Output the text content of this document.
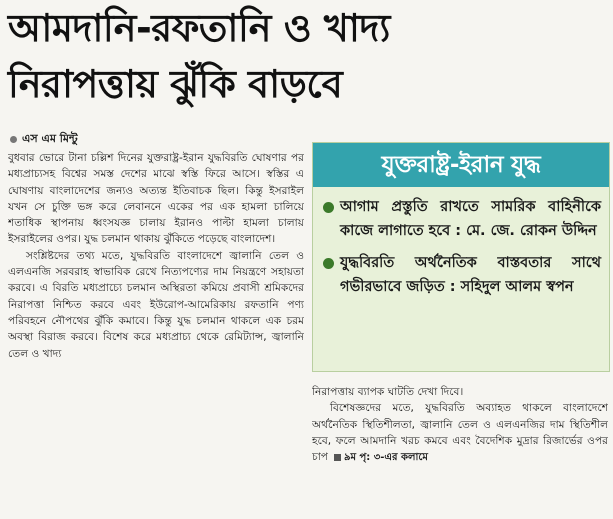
আমদানি-রফতানি ও খাদ্য
নিরাপত্তায় ঝুঁকি বাড়বে
এস এম মিন্টু

বুধবার ভোরে টানা চল্লিশ দিনের যুক্তরাষ্ট্র-ইরান যুদ্ধবিরতি ঘোষণার পর মধ্যপ্রাচ্যসহ বিশ্বের সমস্ত দেশের মাঝে স্বস্তি ফিরে আসে। স্বস্তির এ ঘোষণায় বাংলাদেশের জন্যও অত্যন্ত ইতিবাচক ছিল। কিন্তু ইসরাইল যখন সে চুক্তি ভঙ্গ করে লেবাননে একের পর এক হামলা চালিয়ে শতাধিক স্থাপনায় ধ্বংসযজ্ঞ চালায় ইরানও পাল্টা হামলা চালায় ইসরাইলের ওপর। যুদ্ধ চলমান থাকায় ঝুঁকিতে পড়েছে বাংলাদেশ।

সংশ্লিষ্টদের তথ্য মতে, যুদ্ধবিরতি বাংলাদেশে জ্বালানি তেল ও এলএনজি সরবরাহ স্বাভাবিক রেখে নিত্যপণ্যের দাম নিয়ন্ত্রণে সহায়তা করবে। এ বিরতি মধ্যপ্রাচ্যে চলমান অস্থিরতা কমিয়ে প্রবাসী শ্রমিকদের নিরাপত্তা নিশ্চিত করবে এবং ইউরোপ-আমেরিকায় রফতানি পণ্য পরিবহনে নৌপথের ঝুঁকি কমাবে। কিন্তু যুদ্ধ চলমান থাকলে এক চরম অবস্থা বিরাজ করবে। বিশেষ করে মধ্যপ্রাচ্য থেকে রেমিট্যান্স, জ্বালানি তেল ও খাদ্য

যুক্তরাষ্ট্র-ইরান যুদ্ধ
আগাম প্রস্তুতি রাখতে সামরিক বাহিনীকে কাজে লাগাতে হবে : মে. জে. রোকন উদ্দিন
যুদ্ধবিরতি অর্থনৈতিক বাস্তবতার সাথে গভীরভাবে জড়িত : সহিদুল আলম স্বপন

নিরাপত্তায় ব্যাপক ঘাটতি দেখা দিবে।

বিশেষজ্ঞদের মতে, যুদ্ধবিরতি অব্যাহত থাকলে বাংলাদেশে অর্থনৈতিক স্থিতিশীলতা, জ্বালানি তেল ও এলএনজির দাম স্থিতিশীল হবে, ফলে আমদানি খরচ কমবে এবং বৈদেশিক মুদ্রার রিজার্ভের ওপর চাপ ৯ম পৃ: ৩-এর কলামে
